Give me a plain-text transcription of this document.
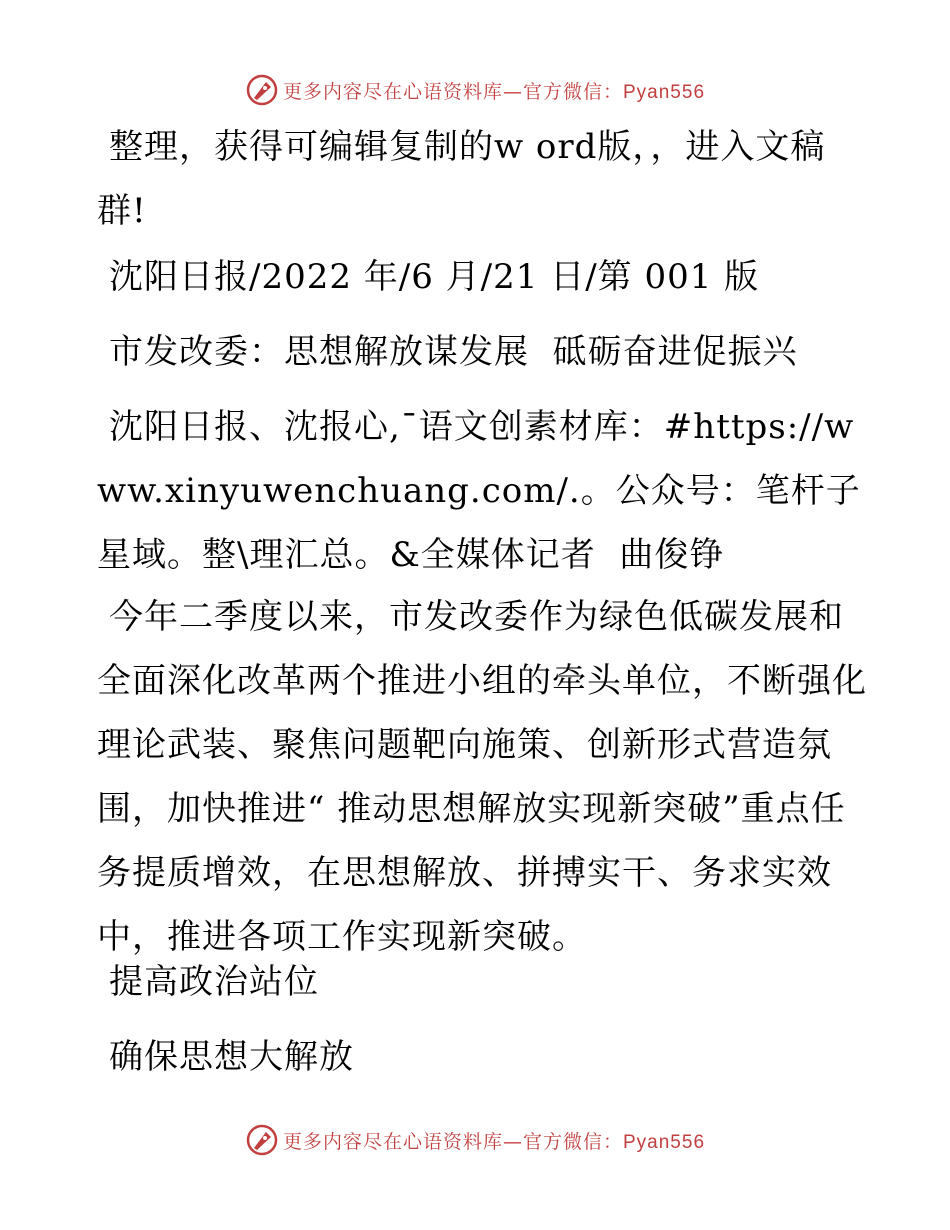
更多内容尽在心语资料库—官方微信：Pyan556

整理，获得可编辑复制的w ord版，，进入文稿群!

沈阳日报/2022 年/6 月/21 日/第 001 版

市发改委：思想解放谋发展  砥砺奋进促振兴

沈阳日报、沈报心,¯语文创素材库：#https://www.xinyuwenchuang.com/.。公众号：笔杆子星域。整\理汇总。&全媒体记者  曲俊铮

今年二季度以来，市发改委作为绿色低碳发展和全面深化改革两个推进小组的牵头单位，不断强化理论武装、聚焦问题靶向施策、创新形式营造氛围，加快推进“ 推动思想解放实现新突破”重点任务提质增效，在思想解放、拼搏实干、务求实效中，推进各项工作实现新突破。

提高政治站位

确保思想大解放

更多内容尽在心语资料库—官方微信：Pyan556
